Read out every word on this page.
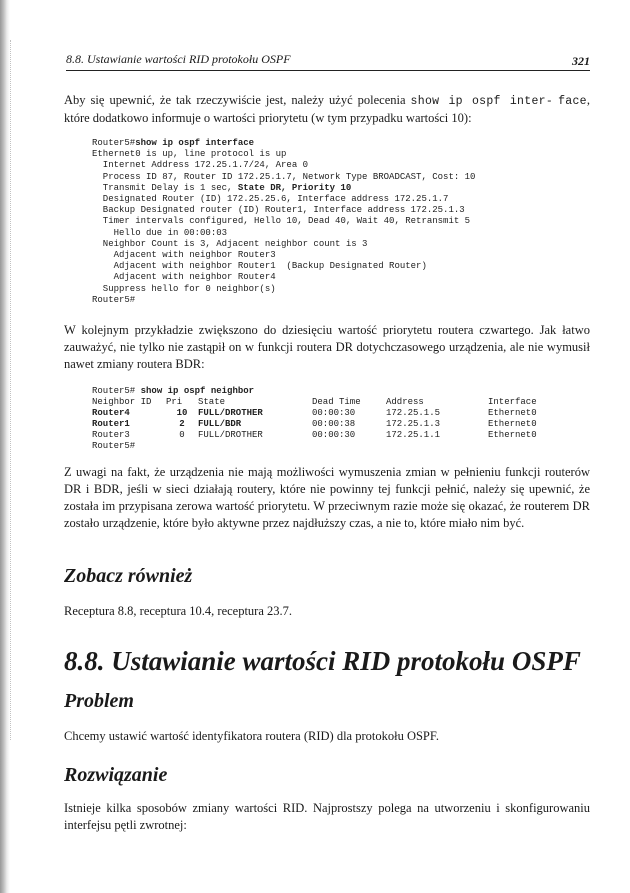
8.8. Ustawianie wartości RID protokołu OSPF	321

Aby się upewnić, że tak rzeczywiście jest, należy użyć polecenia show ip ospf inter- face, które dodatkowo informuje o wartości priorytetu (w tym przypadku wartości 10):

Router5#show ip ospf interface
Ethernet0 is up, line protocol is up
Internet Address 172.25.1.7/24, Area 0
Process ID 87, Router ID 172.25.1.7, Network Type BROADCAST, Cost: 10
Transmit Delay is 1 sec, State DR, Priority 10
Designated Router (ID) 172.25.25.6, Interface address 172.25.1.7
Backup Designated router (ID) Router1, Interface address 172.25.1.3
Timer intervals configured, Hello 10, Dead 40, Wait 40, Retransmit 5
Hello due in 00:00:03
Neighbor Count is 3, Adjacent neighbor count is 3
Adjacent with neighbor Router3
Adjacent with neighbor Router1  (Backup Designated Router)
Adjacent with neighbor Router4
Suppress hello for 0 neighbor(s)
Router5#

W kolejnym przykładzie zwiększono do dziesięciu wartość priorytetu routera czwartego. Jak łatwo zauważyć, nie tylko nie zastąpił on w funkcji routera DR dotychczasowego urządzenia, ale nie wymusił nawet zmiany routera BDR:

Router5# show ip ospf neighbor					
Neighbor ID	Pri	State	Dead Time	Address	Interface
Router4	10	FULL/DROTHER	00:00:30	172.25.1.5	Ethernet0
Router1	2	FULL/BDR	00:00:38	172.25.1.3	Ethernet0
Router3	0	FULL/DROTHER	00:00:30	172.25.1.1	Ethernet0
Router5#					

Z uwagi na fakt, że urządzenia nie mają możliwości wymuszenia zmian w pełnieniu funkcji routerów DR i BDR, jeśli w sieci działają routery, które nie powinny tej funkcji pełnić, należy się upewnić, że została im przypisana zerowa wartość priorytetu. W przeciwnym razie może się okazać, że routerem DR zostało urządzenie, które było aktywne przez najdłuższy czas, a nie to, które miało nim być.

Zobacz również

Receptura 8.8, receptura 10.4, receptura 23.7.

8.8. Ustawianie wartości RID protokołu OSPF
Problem

Chcemy ustawić wartość identyfikatora routera (RID) dla protokołu OSPF.

Rozwiązanie

Istnieje kilka sposobów zmiany wartości RID. Najprostszy polega na utworzeniu i skonfigurowaniu interfejsu pętli zwrotnej:
